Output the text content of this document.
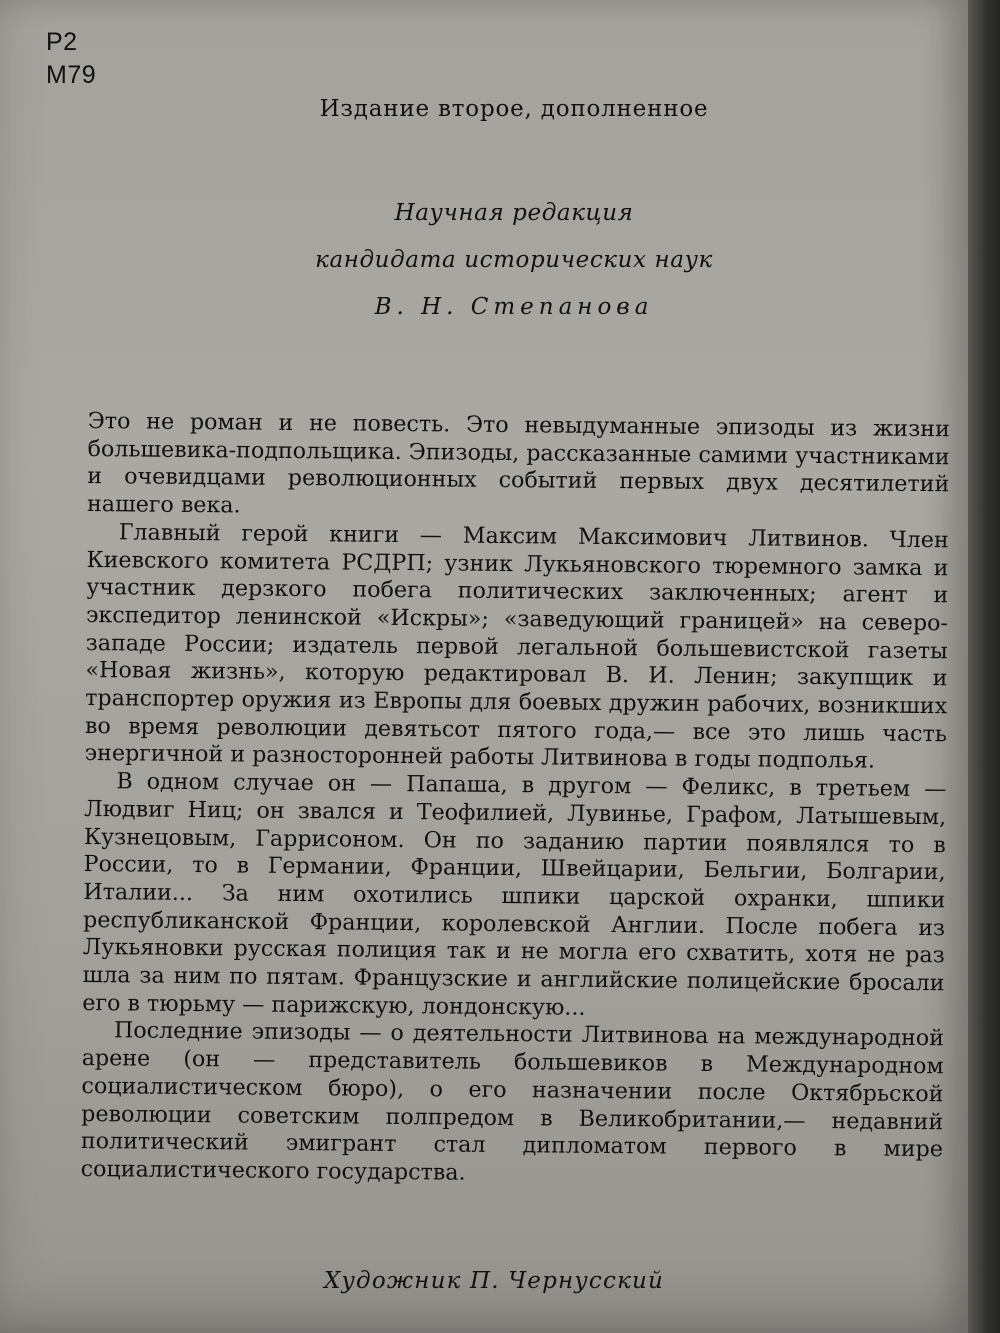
Р2
М79
Издание второе, дополненное
Научная редакция
кандидата исторических наук
В. Н. Степанова

Это не роман и не повесть. Это невыдуманные эпизоды из жизни большевика-подпольщика. Эпизоды, рассказанные самими участниками и очевидцами революционных событий первых двух десятилетий нашего века.

Главный герой книги — Максим Максимович Литвинов. Член Киевского комитета РСДРП; узник Лукьяновского тюремного замка и участник дерзкого побега политических заключенных; агент и экспедитор ленинской «Искры»; «заведующий границей» на северо-западе России; издатель первой легальной большевистской газеты «Новая жизнь», которую редактировал В. И. Ленин; закупщик и транспортер оружия из Европы для боевых дружин рабочих, возникших во время революции девятьсот пятого года,— все это лишь часть энергичной и разносторонней работы Литвинова в годы подполья.

В одном случае он — Папаша, в другом — Феликс, в третьем — Людвиг Ниц; он звался и Теофилией, Лувинье, Графом, Латышевым, Кузнецовым, Гаррисоном. Он по заданию партии появлялся то в России, то в Германии, Франции, Швейцарии, Бельгии, Болгарии, Италии... За ним охотились шпики царской охранки, шпики республиканской Франции, королевской Англии. После побега из Лукьяновки русская полиция так и не могла его схватить, хотя не раз шла за ним по пятам. Французские и английские полицейские бросали его в тюрьму — парижскую, лондонскую...

Последние эпизоды — о деятельности Литвинова на международной арене (он — представитель большевиков в Международном социалистическом бюро), о его назначении после Октябрьской революции советским полпредом в Великобритании,— недавний политический эмигрант стал дипломатом первого в мире социалистического государства.

Художник П. Чернусский
